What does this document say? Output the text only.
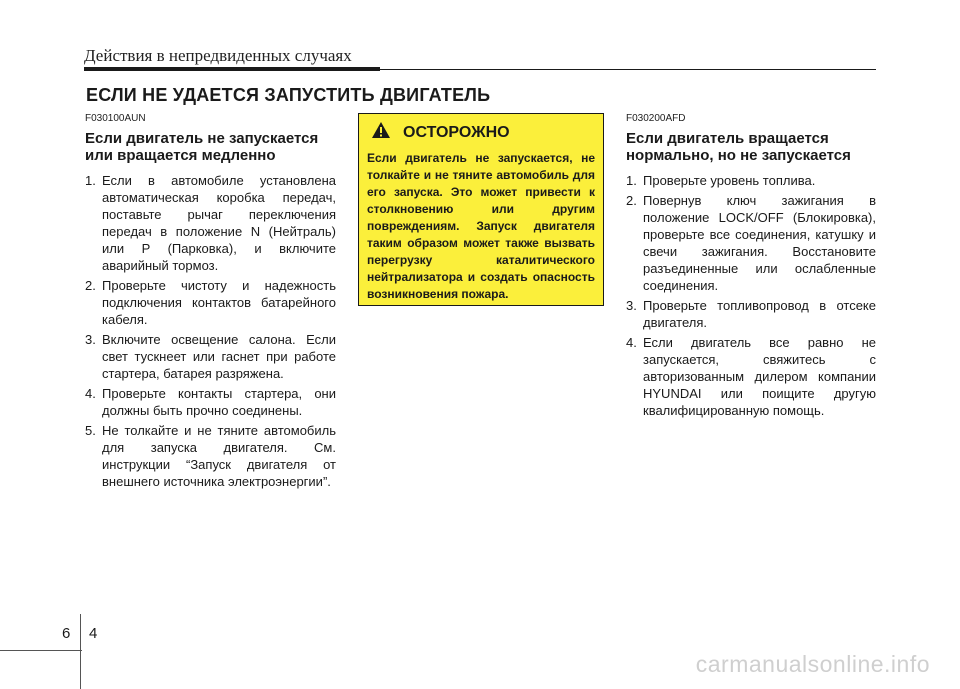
Действия в непредвиденных случаях
ЕСЛИ НЕ УДАЕТСЯ ЗАПУСТИТЬ ДВИГАТЕЛЬ
F030100AUN
Если двигатель не запускается или вращается медленно
1. Если в автомобиле установлена автоматическая коробка передач, поставьте рычаг переключения передач в положение N (Нейтраль) или P (Парковка), и включите аварийный тормоз.
2. Проверьте чистоту и надежность подключения контактов батарейного кабеля.
3. Включите освещение салона. Если свет тускнеет или гаснет при работе стартера, батарея разряжена.
4. Проверьте контакты стартера, они должны быть прочно соединены.
5. Не толкайте и не тяните автомобиль для запуска двигателя. См. инструкции “Запуск двигателя от внешнего источника электроэнергии”.
ОСТОРОЖНО
Если двигатель не запускается, не толкайте и не тяните автомобиль для его запуска. Это может привести к столкновению или другим повреждениям. Запуск двигателя таким образом может также вызвать перегрузку каталитического нейтрализатора и создать опасность
возникновения пожара.
F030200AFD
Если двигатель вращается нормально, но не запускается
1. Проверьте уровень топлива.
2. Повернув ключ зажигания в положение LOCK/OFF (Блокировка), проверьте все соединения, катушку и свечи зажигания. Восстановите разъединенные или ослабленные соединения.
3. Проверьте топливопровод в отсеке двигателя.
4. Если двигатель все равно не запускается, свяжитесь с авторизованным дилером компании HYUNDAI или поищите другую квалифицированную помощь.
6 4
carmanualsonline.info
